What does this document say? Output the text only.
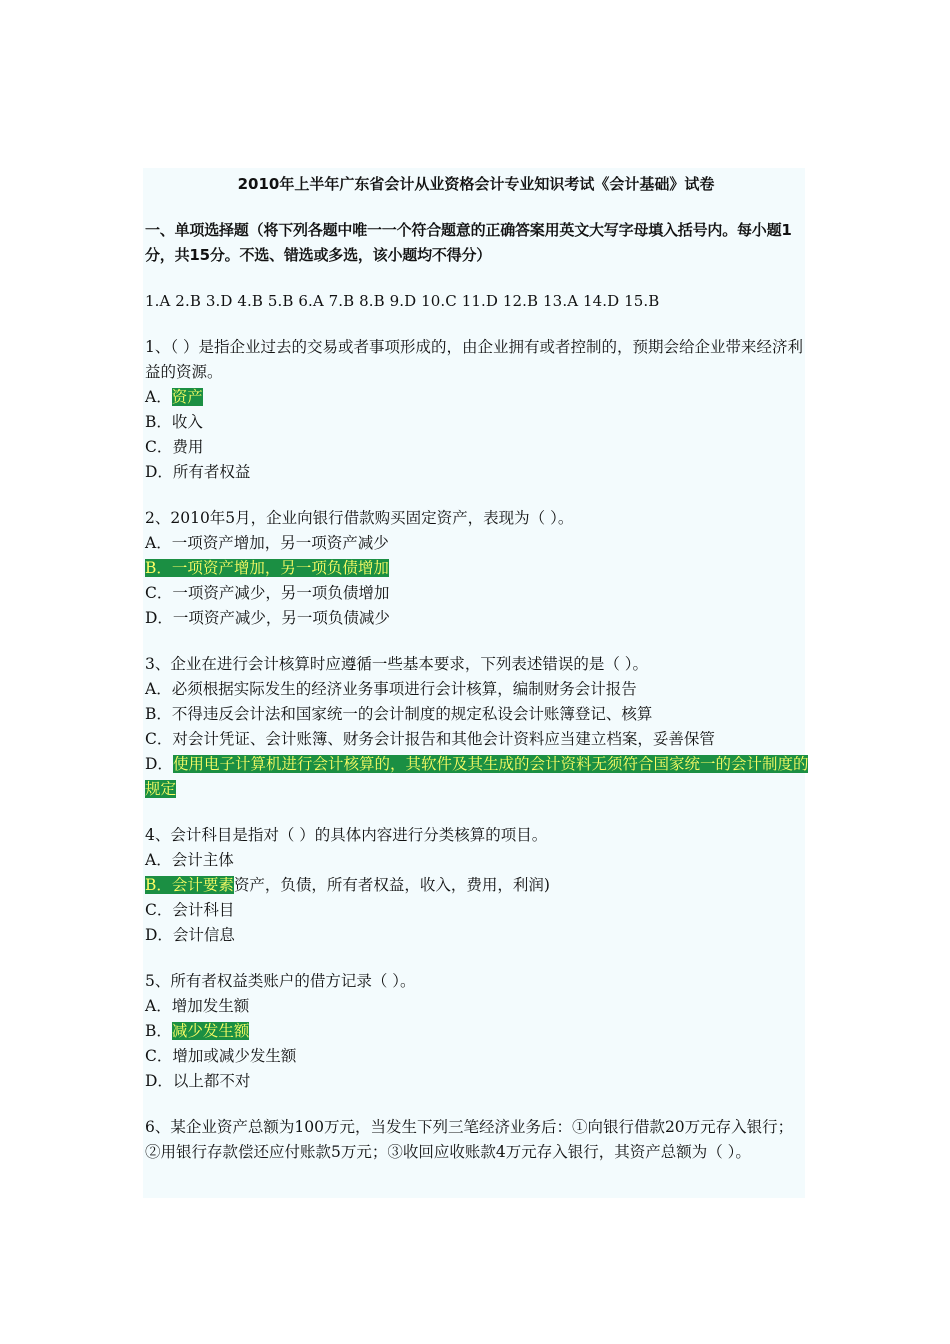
2010年上半年广东省会计从业资格会计专业知识考试《会计基础》试卷

一、单项选择题（将下列各题中唯一一个符合题意的正确答案用英文大写字母填入括号内。每小题1分，共15分。不选、错选或多选，该小题均不得分）

1.A 2.B 3.D 4.B 5.B 6.A 7.B 8.B 9.D 10.C 11.D 12.B 13.A 14.D 15.B

1、（ ）是指企业过去的交易或者事项形成的，由企业拥有或者控制的，预期会给企业带来经济利益的资源。

A．资产

B．收入

C．费用

D．所有者权益

2、2010年5月，企业向银行借款购买固定资产，表现为（ ）。

A．一项资产增加，另一项资产减少

B．一项资产增加，另一项负债增加

C．一项资产减少，另一项负债增加

D．一项资产减少，另一项负债减少

3、企业在进行会计核算时应遵循一些基本要求，下列表述错误的是（ ）。

A．必须根据实际发生的经济业务事项进行会计核算，编制财务会计报告

B．不得违反会计法和国家统一的会计制度的规定私设会计账簿登记、核算

C．对会计凭证、会计账簿、财务会计报告和其他会计资料应当建立档案，妥善保管

D．使用电子计算机进行会计核算的，其软件及其生成的会计资料无须符合国家统一的会计制度的规定

4、会计科目是指对（ ）的具体内容进行分类核算的项目。

A．会计主体

B．会计要素资产，负债，所有者权益，收入，费用，利润)

C．会计科目

D．会计信息

5、所有者权益类账户的借方记录（ ）。

A．增加发生额

B．减少发生额

C．增加或减少发生额

D．以上都不对

6、某企业资产总额为100万元，当发生下列三笔经济业务后：①向银行借款20万元存入银行；②用银行存款偿还应付账款5万元；③收回应收账款4万元存入银行，其资产总额为（ ）。
